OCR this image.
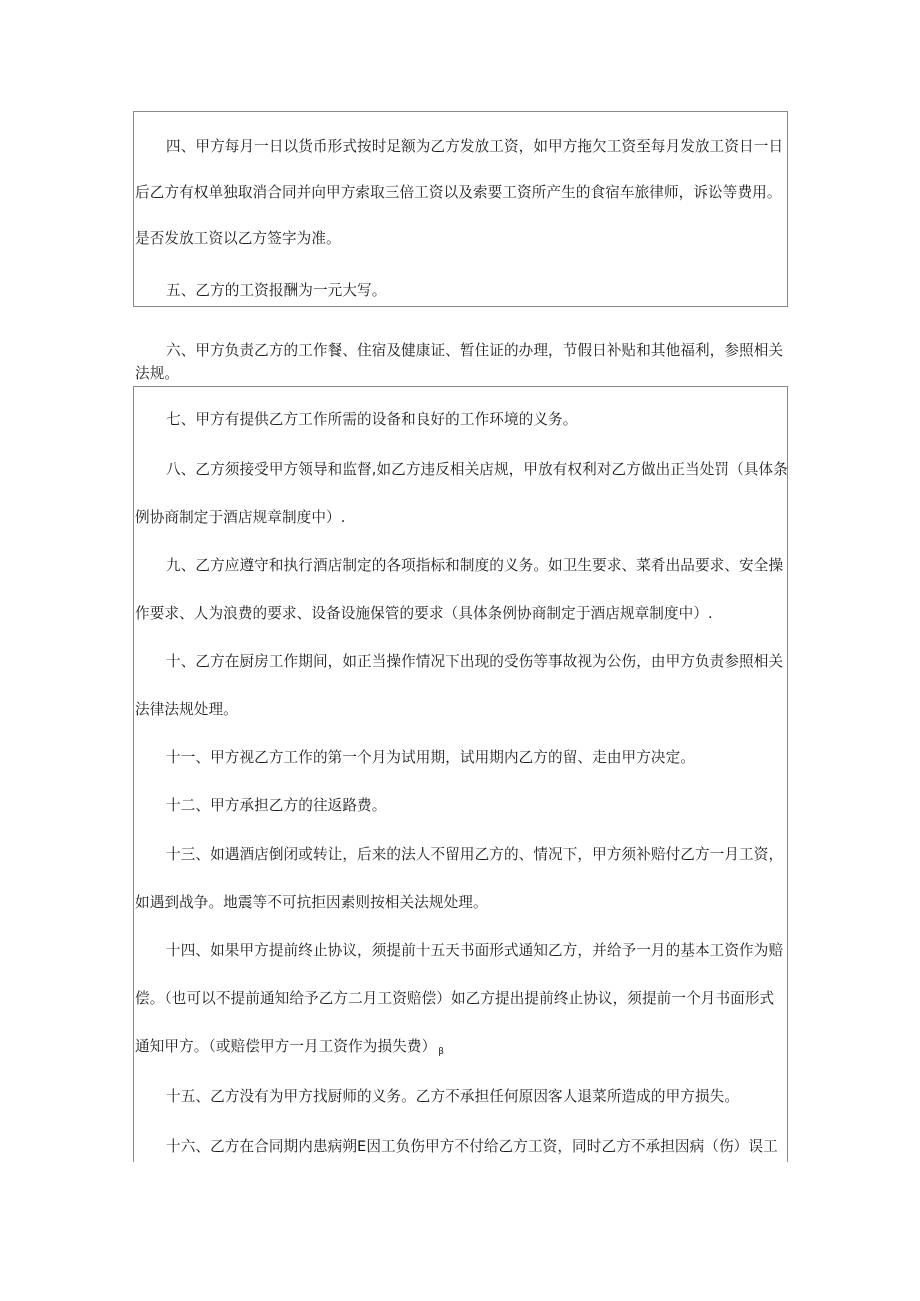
四、甲方每月一日以货币形式按时足额为乙方发放工资，如甲方拖欠工资至每月发放工资日一日
后乙方有权单独取消合同并向甲方索取三倍工资以及索要工资所产生的食宿车旅律师，诉讼等费用。
是否发放工资以乙方签字为准。
五、乙方的工资报酬为一元大写。
六、甲方负责乙方的工作餐、住宿及健康证、暂住证的办理，节假日补贴和其他福利，参照相关
法规。
七、甲方有提供乙方工作所需的设备和良好的工作环境的义务。
八、乙方须接受甲方领导和监督,如乙方违反相关店规，甲放有权利对乙方做出正当处罚（具体条
例协商制定于酒店规章制度中）.
九、乙方应遵守和执行酒店制定的各项指标和制度的义务。如卫生要求、菜肴出品要求、安全操
作要求、人为浪费的要求、设备设施保管的要求（具体条例协商制定于酒店规章制度中）.
十、乙方在厨房工作期间，如正当操作情况下出现的受伤等事故视为公伤，由甲方负责参照相关
法律法规处理。
十一、甲方视乙方工作的第一个月为试用期，试用期内乙方的留、走由甲方决定。
十二、甲方承担乙方的往返路费。
十三、如遇酒店倒闭或转让，后来的法人不留用乙方的、情况下，甲方须补赔付乙方一月工资，
如遇到战争。地震等不可抗拒因素则按相关法规处理。
十四、如果甲方提前终止协议，须提前十五天书面形式通知乙方，并给予一月的基本工资作为赔
偿。（也可以不提前通知给予乙方二月工资赔偿）如乙方提出提前终止协议，须提前一个月书面形式
通知甲方。（或赔偿甲方一月工资作为损失费） $_\beta$
十五、乙方没有为甲方找厨师的义务。乙方不承担任何原因客人退菜所造成的甲方损失。
十六、乙方在合同期内患病朔E因工负伤甲方不付给乙方工资，同时乙方不承担因病（伤）误工
